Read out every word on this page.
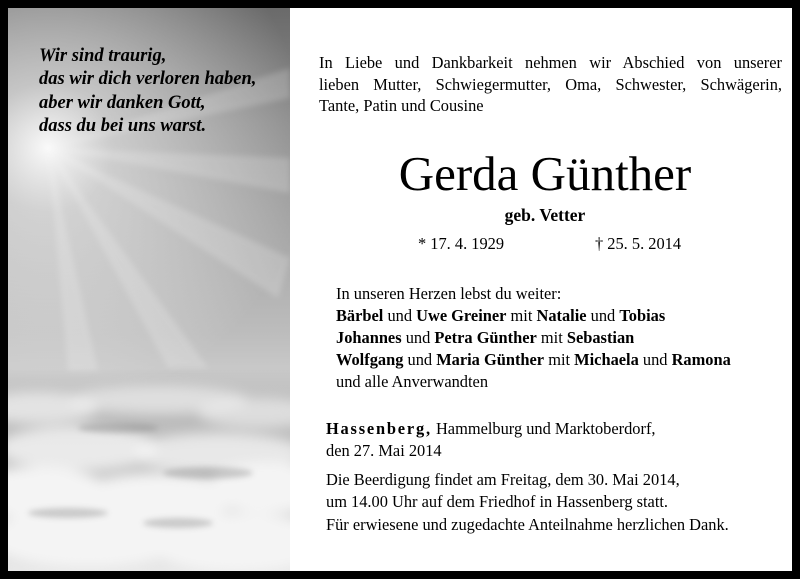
Wir sind traurig,
das wir dich verloren haben,
aber wir danken Gott,
dass du bei uns warst.
In Liebe und Dankbarkeit nehmen wir Abschied von unserer
lieben Mutter, Schwiegermutter, Oma, Schwester, Schwägerin,
Tante, Patin und Cousine
Gerda Günther
geb. Vetter
* 17. 4. 1929	† 25. 5. 2014
In unseren Herzen lebst du weiter:
Bärbel und Uwe Greiner mit Natalie und Tobias
Johannes und Petra Günther mit Sebastian
Wolfgang und Maria Günther mit Michaela und Ramona
und alle Anverwandten
Hassenberg, Hammelburg und Marktoberdorf,
den 27. Mai 2014
Die Beerdigung findet am Freitag, dem 30. Mai 2014,
um 14.00 Uhr auf dem Friedhof in Hassenberg statt.
Für erwiesene und zugedachte Anteilnahme herzlichen Dank.
